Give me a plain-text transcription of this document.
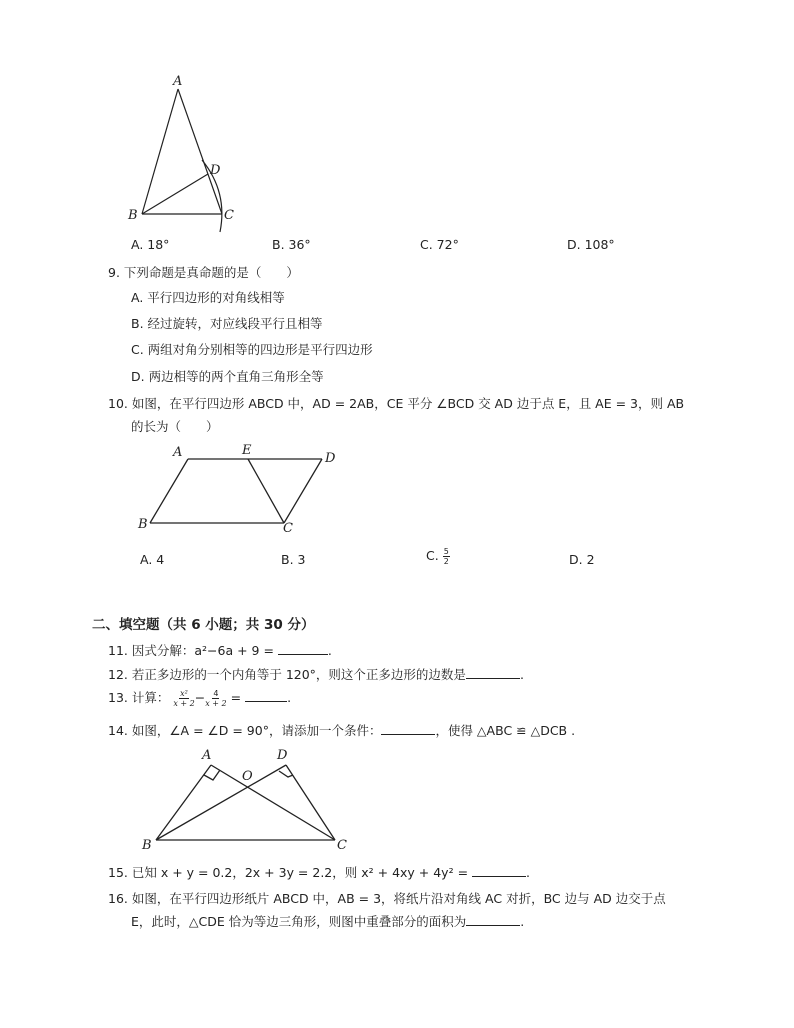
A
B	C
D
A. 18°	B. 36°	C. 72°	D. 108°
9. 下列命题是真命题的是（　　）
A. 平行四边形的对角线相等
B. 经过旋转，对应线段平行且相等
C. 两组对角分别相等的四边形是平行四边形
D. 两边相等的两个直角三角形全等
10. 如图，在平行四边形 ABCD 中，AD = 2AB，CE 平分 ∠BCD 交 AD 边于点 E，且 AE = 3，则 AB
的长为（　　）
A	E
D
B	C
A. 4	B. 3	C. $\frac{5}{2}$	D. 2
二、填空题（共 6 小题；共 30 分）
11. 因式分解：a²−6a + 9 =	.
12. 若正多边形的一个内角等于 120°，则这个正多边形的边数是	.
13. 计算： $\frac{\text{x²}}{x + 2} - \frac{4}{x + 2}$ =	.
14. 如图，∠A = ∠D = 90°，请添加一个条件：	，使得 △ABC ≌ △DCB .
A	D
O
B	C
15. 已知 x + y = 0.2，2x + 3y = 2.2，则 x² + 4xy + 4y² =	.
16. 如图，在平行四边形纸片 ABCD 中，AB = 3，将纸片沿对角线 AC 对折，BC 边与 AD 边交于点
E，此时，△CDE 恰为等边三角形，则图中重叠部分的面积为	.
